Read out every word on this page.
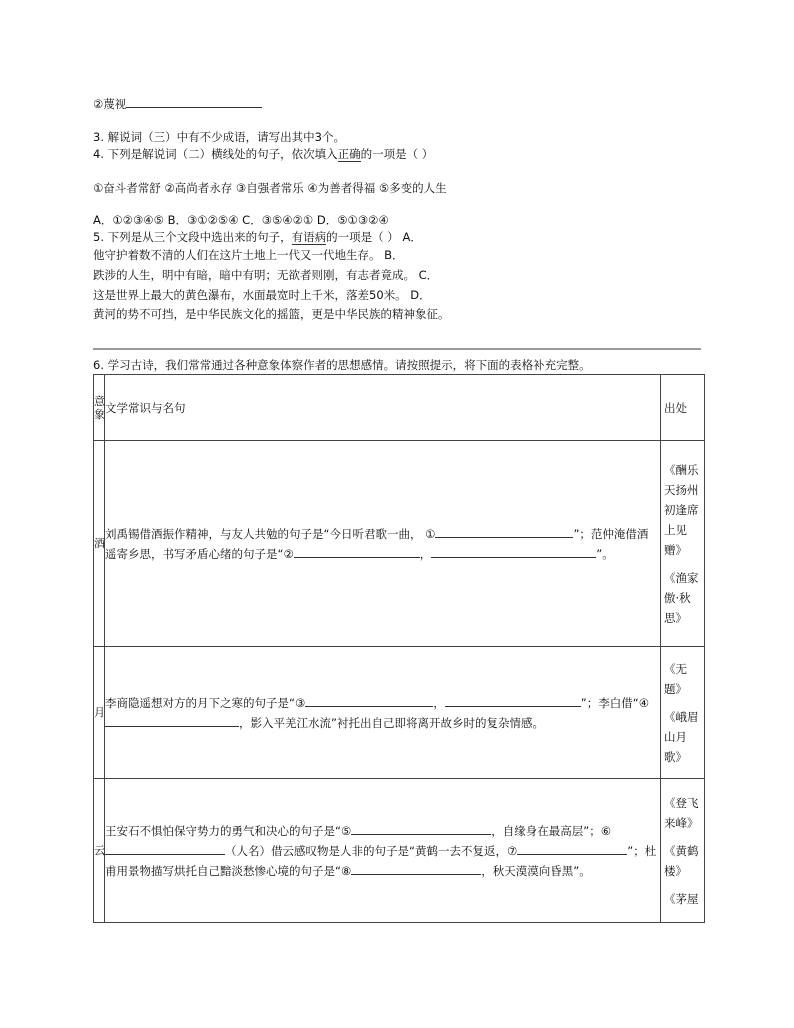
②蔑视
3. 解说词（三）中有不少成语，请写出其中3个。
4. 下列是解说词（二）横线处的句子，依次填入正确的一项是（ ）
①奋斗者常舒 ②高尚者永存 ③自强者常乐 ④为善者得福 ⑤多变的人生
A．①②③④⑤ B．③①②⑤④ C．③⑤④②① D．⑤①③②④
5. 下列是从三个文段中选出来的句子，有语病的一项是（ ） A．
他守护着数不清的人们在这片土地上一代又一代地生存。 B．
跌涉的人生，明中有暗，暗中有明；无欲者则刚，有志者竟成。 C．
这是世界上最大的黄色瀑布，水面最宽时上千米，落差50米。 D．
黄河的势不可挡，是中华民族文化的摇篮，更是中华民族的精神象征。
6. 学习古诗，我们常常通过各种意象体察作者的思想感情。请按照提示，将下面的表格补充完整。
意象	文学常识与名句	出处
酒	刘禹锡借酒振作精神，与友人共勉的句子是“今日听君歌一曲， ① ”；范仲淹借酒遥寄乡思，书写矛盾心绪的句子是“② ， ”。	《酬乐天扬州初逢席上见赠》
《渔家傲·秋思》

月	李商隐遥想对方的月下之寒的句子是“③ ， ”；李白借“④，影入平羌江水流”衬托出自己即将离开故乡时的复杂情感。	《无题》
《峨眉山月歌》

云	王安石不惧怕保守势力的勇气和决心的句子是“⑤ ，自缘身在最高层”；⑥（人名）借云感叹物是人非的句子是“黄鹤一去不复返，⑦ ”；杜甫用景物描写烘托自己黯淡愁惨心境的句子是“⑧ ，秋天漠漠向昏黑”。	《登飞来峰》
《黄鹤楼》
《茅屋
